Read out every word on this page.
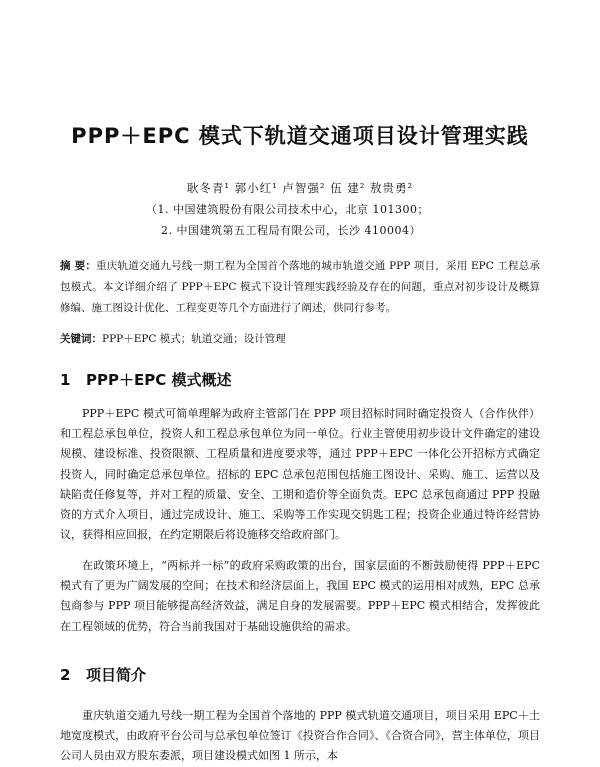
PPP＋EPC 模式下轨道交通项目设计管理实践
耿冬青¹ 郭小红¹ 卢智强² 伍 建² 敖贵勇²
（1. 中国建筑股份有限公司技术中心，北京 101300；
2. 中国建筑第五工程局有限公司，长沙 410004）
摘 要：重庆轨道交通九号线一期工程为全国首个落地的城市轨道交通 PPP 项目，采用 EPC 工程总承包模式。本文详细介绍了 PPP＋EPC 模式下设计管理实践经验及存在的问题，重点对初步设计及概算修编、施工图设计优化、工程变更等几个方面进行了阐述，供同行参考。
关键词：PPP＋EPC 模式；轨道交通；设计管理
1 PPP＋EPC 模式概述

PPP＋EPC 模式可简单理解为政府主管部门在 PPP 项目招标时同时确定投资人（合作伙伴）和工程总承包单位，投资人和工程总承包单位为同一单位。行业主管使用初步设计文件确定的建设规模、建设标准、投资限额、工程质量和进度要求等，通过 PPP＋EPC 一体化公开招标方式确定投资人，同时确定总承包单位。招标的 EPC 总承包范围包括施工图设计、采购、施工、运营以及缺陷责任修复等，并对工程的质量、安全、工期和造价等全面负责。EPC 总承包商通过 PPP 投融资的方式介入项目，通过完成设计、施工、采购等工作实现交钥匙工程；投资企业通过特许经营协议，获得相应回报，在约定期限后将设施移交给政府部门。

在政策环境上，“两标并一标”的政府采购政策的出台，国家层面的不断鼓励使得 PPP＋EPC 模式有了更为广阔发展的空间；在技术和经济层面上，我国 EPC 模式的运用相对成熟，EPC 总承包商参与 PPP 项目能够提高经济效益，满足自身的发展需要。PPP＋EPC 模式相结合，发挥彼此在工程领域的优势，符合当前我国对于基础设施供给的需求。

2 项目简介

重庆轨道交通九号线一期工程为全国首个落地的 PPP 模式轨道交通项目，项目采用 EPC＋土地宽度模式，由政府平台公司与总承包单位签订《投资合作合同》、《合资合同》，营主体单位，项目公司人员由双方股东委派，项目建设模式如图 1 所示，本
